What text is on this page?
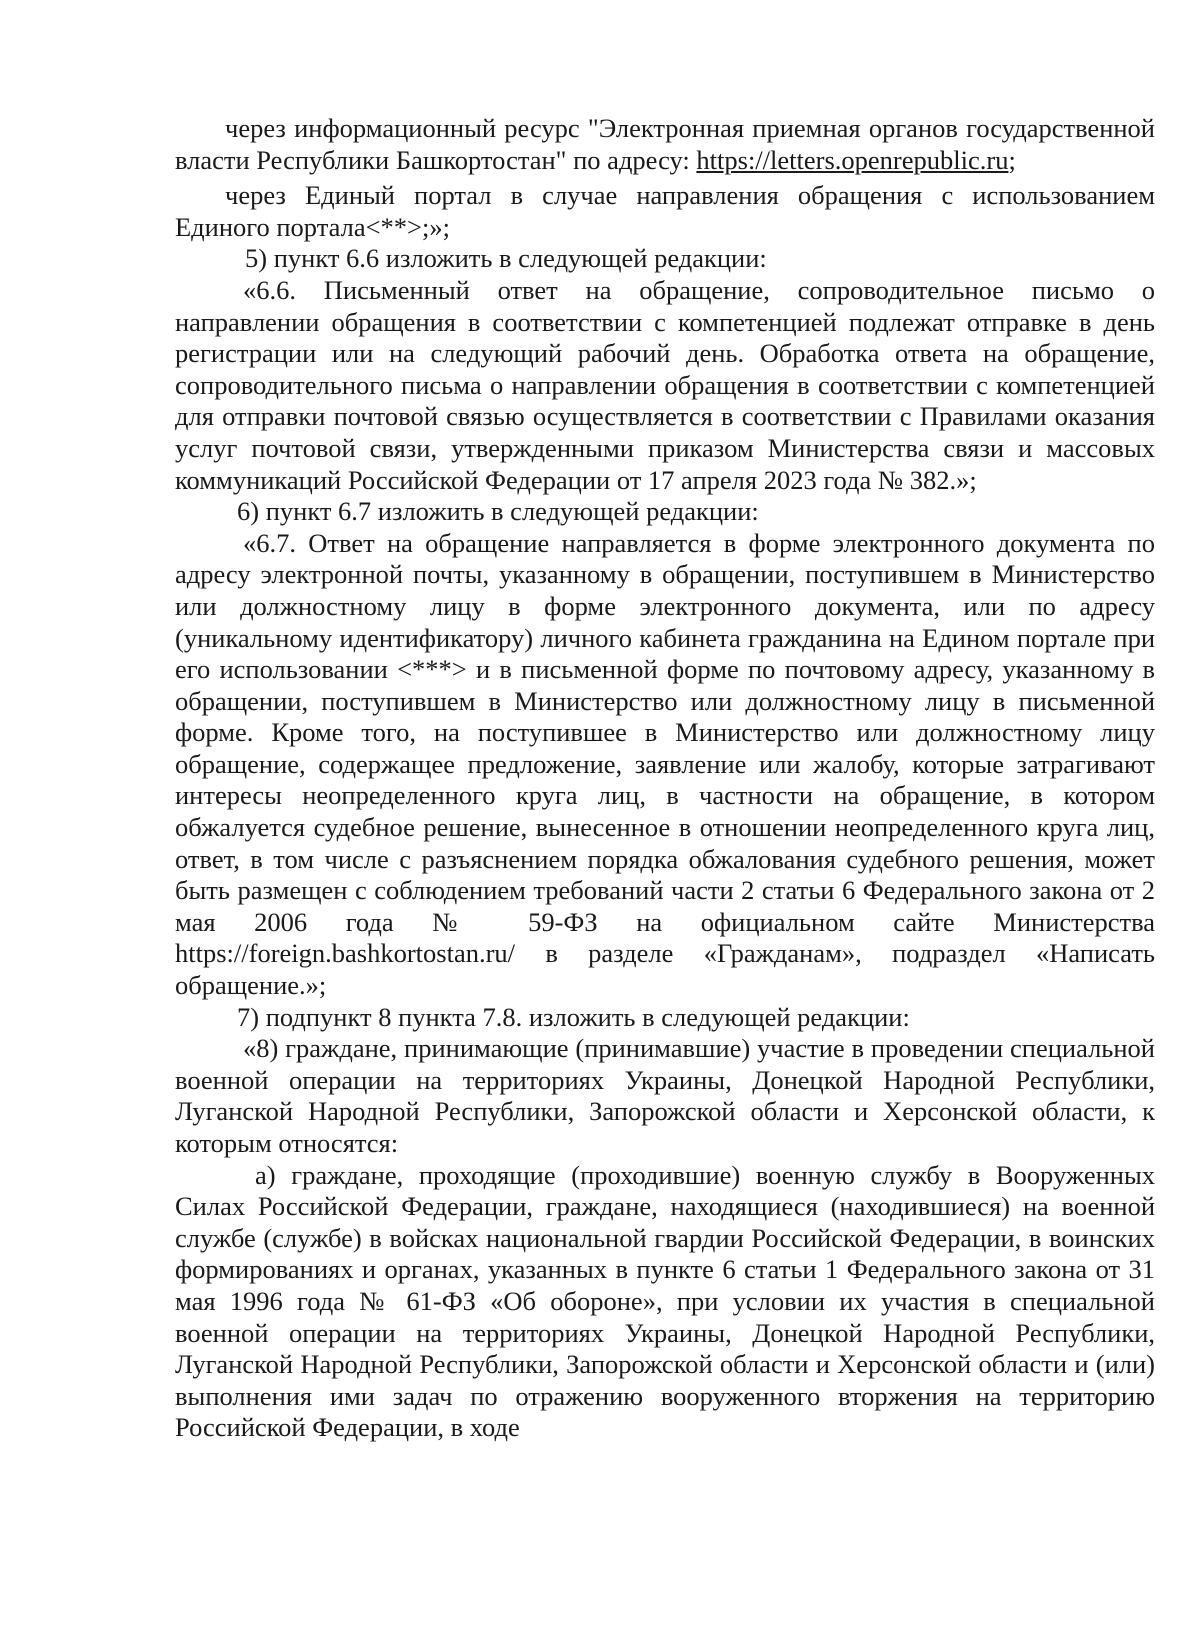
через информационный ресурс "Электронная приемная органов государственной власти Республики Башкортостан" по адресу: https://letters.openrepublic.ru;

через Единый портал в случае направления обращения с использованием Единого портала<**>;»;

5) пункт 6.6 изложить в следующей редакции:

«6.6. Письменный ответ на обращение, сопроводительное письмо о направлении обращения в соответствии с компетенцией подлежат отправке в день регистрации или на следующий рабочий день. Обработка ответа на обращение, сопроводительного письма о направлении обращения в соответствии с компетенцией для отправки почтовой связью осуществляется в соответствии с Правилами оказания услуг почтовой связи, утвержденными приказом Министерства связи и массовых коммуникаций Российской Федерации от 17 апреля 2023 года № 382.»;

6) пункт 6.7 изложить в следующей редакции:

«6.7. Ответ на обращение направляется в форме электронного документа по адресу электронной почты, указанному в обращении, поступившем в Министерство или должностному лицу в форме электронного документа, или по адресу (уникальному идентификатору) личного кабинета гражданина на Едином портале при его использовании <***> и в письменной форме по почтовому адресу, указанному в обращении, поступившем в Министерство или должностному лицу в письменной форме. Кроме того, на поступившее в Министерство или должностному лицу обращение, содержащее предложение, заявление или жалобу, которые затрагивают интересы неопределенного круга лиц, в частности на обращение, в котором обжалуется судебное решение, вынесенное в отношении неопределенного круга лиц, ответ, в том числе с разъяснением порядка обжалования судебного решения, может быть размещен с соблюдением требований части 2 статьи 6 Федерального закона от 2 мая 2006 года № 59-ФЗ на официальном сайте Министерства https://foreign.bashkortostan.ru/ в разделе «Гражданам», подраздел «Написать обращение.»;

7) подпункт 8 пункта 7.8. изложить в следующей редакции:

«8) граждане, принимающие (принимавшие) участие в проведении специальной военной операции на территориях Украины, Донецкой Народной Республики, Луганской Народной Республики, Запорожской области и Херсонской области, к которым относятся:

а) граждане, проходящие (проходившие) военную службу в Вооруженных Силах Российской Федерации, граждане, находящиеся (находившиеся) на военной службе (службе) в войсках национальной гвардии Российской Федерации, в воинских формированиях и органах, указанных в пункте 6 статьи 1 Федерального закона от 31 мая 1996 года № 61-ФЗ «Об обороне», при условии их участия в специальной военной операции на территориях Украины, Донецкой Народной Республики, Луганской Народной Республики, Запорожской области и Херсонской области и (или) выполнения ими задач по отражению вооруженного вторжения на территорию Российской Федерации, в ходе
